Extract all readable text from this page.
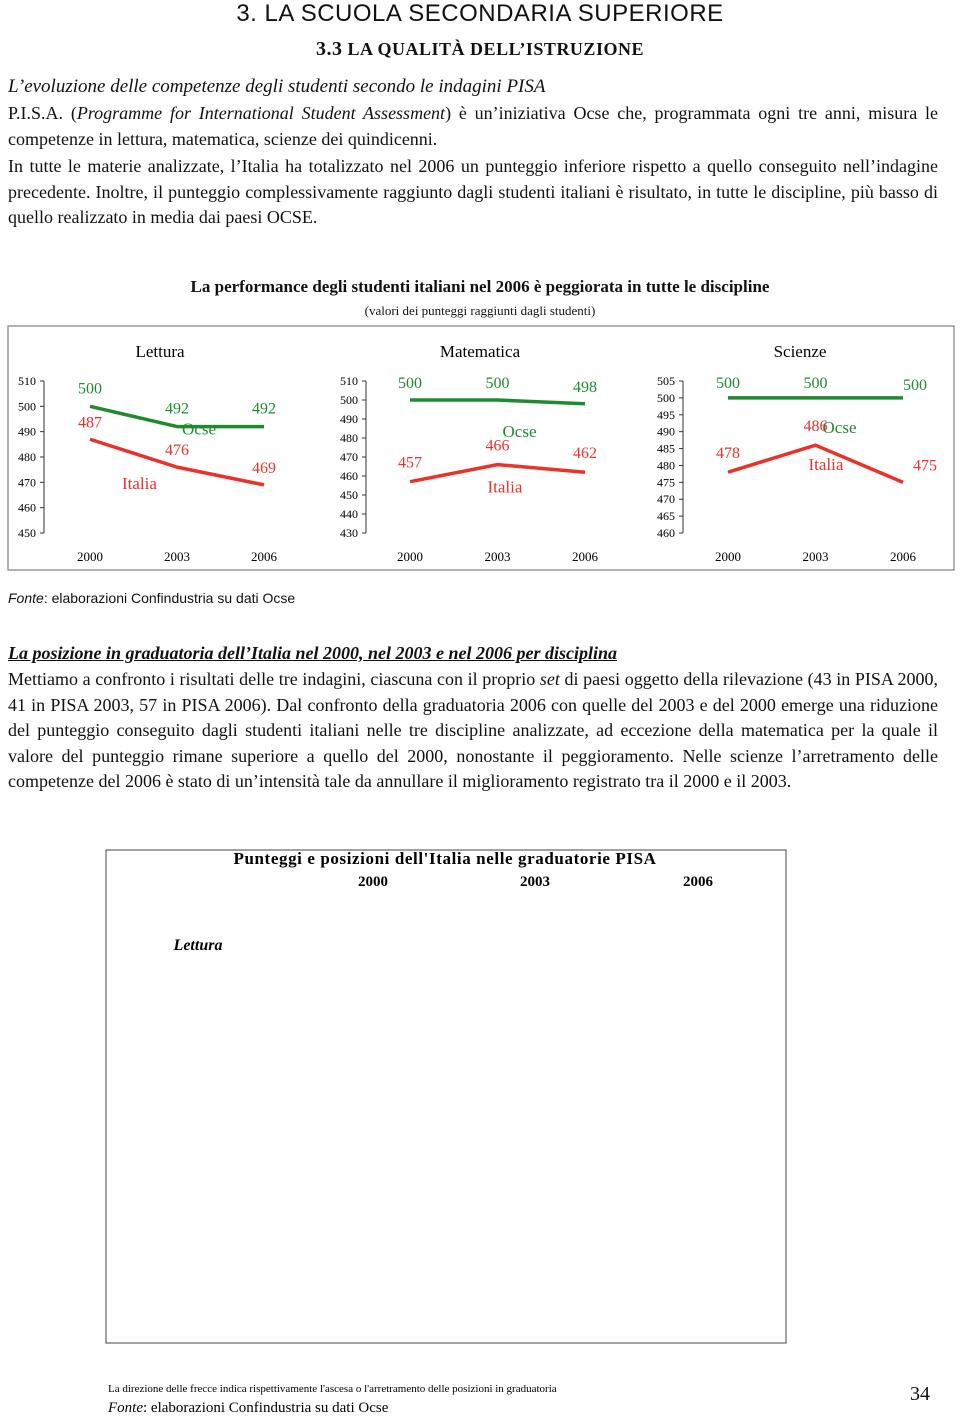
3. LA SCUOLA SECONDARIA SUPERIORE
3.3 LA QUALITÀ DELL’ISTRUZIONE
L’evoluzione delle competenze degli studenti secondo le indagini PISA
P.I.S.A. (Programme for International Student Assessment) è un’iniziativa Ocse che, programmata ogni tre anni, misura le competenze in lettura, matematica, scienze dei quindicenni.
In tutte le materie analizzate, l’Italia ha totalizzato nel 2006 un punteggio inferiore rispetto a quello conseguito nell’indagine precedente. Inoltre, il punteggio complessivamente raggiunto dagli studenti italiani è risultato, in tutte le discipline, più basso di quello realizzato in media dai paesi OCSE.
La performance degli studenti italiani nel 2006 è peggiorata in tutte le discipline
(valori dei punteggi raggiunti dagli studenti)
Lettura
450
460
470
480
490
500
510
2000	2003	2006
500
492	492
Ocse
487
476
469
Italia
Matematica
430
440
450
460
470
480
490
500
510
2000	2003	2006
500	500	498
Ocse
457
466	462
Italia
Scienze
460
465
470
475
480
485
490
495
500
505
2000	2003	2006
500	500	500
Ocse
478
486
475
Italia
Fonte: elaborazioni Confindustria su dati Ocse
La posizione in graduatoria dell’Italia nel 2000, nel 2003 e nel 2006 per disciplina
Mettiamo a confronto i risultati delle tre indagini, ciascuna con il proprio set di paesi oggetto della rilevazione (43 in PISA 2000, 41 in PISA 2003, 57 in PISA 2006). Dal confronto della graduatoria 2006 con quelle del 2003 e del 2000 emerge una riduzione del punteggio conseguito dagli studenti italiani nelle tre discipline analizzate, ad eccezione della matematica per la quale il valore del punteggio rimane superiore a quello del 2000, nonostante il peggioramento. Nelle scienze l’arretramento delle competenze del 2006 è stato di un’intensità tale da annullare il miglioramento registrato tra il 2000 e il 2003.
Punteggi e posizioni dell'Italia nelle graduatorie PISA
2000	2003	2006
Lettura
La direzione delle frecce indica rispettivamente l'ascesa o l'arretramento delle posizioni in graduatoria
Fonte: elaborazioni Confindustria su dati Ocse
34
